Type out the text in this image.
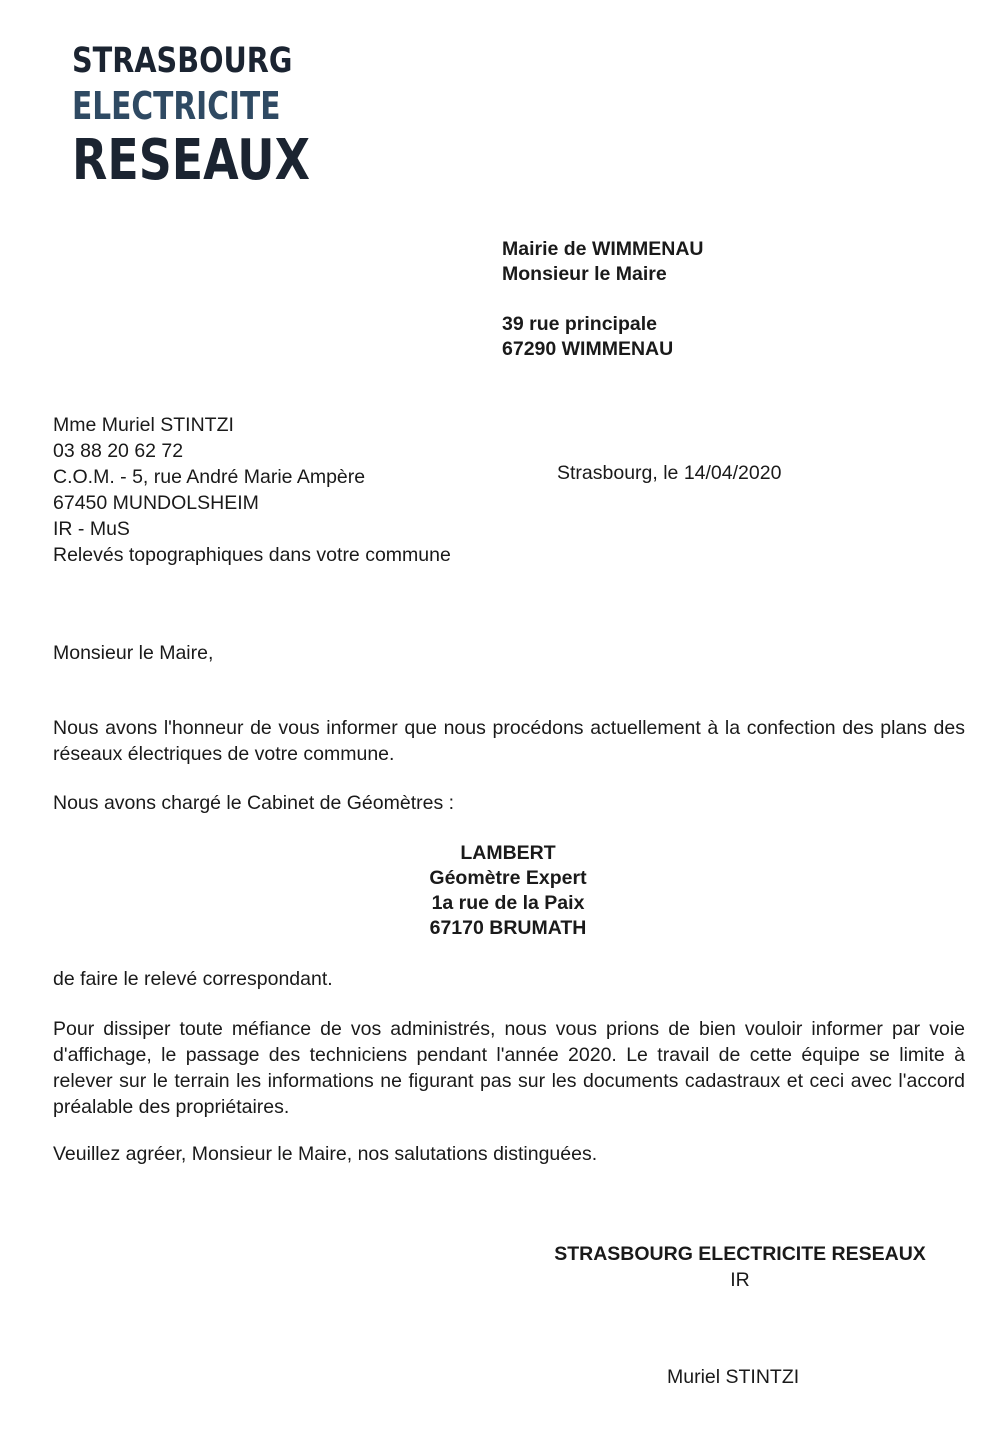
STRASBOURG
ELECTRICITE
RESEAUX
Mairie de WIMMENAU
Monsieur le Maire
39 rue principale
67290 WIMMENAU
Mme Muriel STINTZI
03 88 20 62 72
C.O.M. - 5, rue André Marie Ampère
67450 MUNDOLSHEIM
IR - MuS
Relevés topographiques dans votre commune
Strasbourg, le 14/04/2020
Monsieur le Maire,
Nous avons l'honneur de vous informer que nous procédons actuellement à la confection des plans des réseaux électriques de votre commune.
Nous avons chargé le Cabinet de Géomètres :
LAMBERT
Géomètre Expert
1a rue de la Paix
67170 BRUMATH
de faire le relevé correspondant.
Pour dissiper toute méfiance de vos administrés, nous vous prions de bien vouloir informer par voie d'affichage, le passage des techniciens pendant l'année 2020. Le travail de cette équipe se limite à relever sur le terrain les informations ne figurant pas sur les documents cadastraux et ceci avec l'accord préalable des propriétaires.
Veuillez agréer, Monsieur le Maire, nos salutations distinguées.
STRASBOURG ELECTRICITE RESEAUX
IR
Muriel STINTZI
